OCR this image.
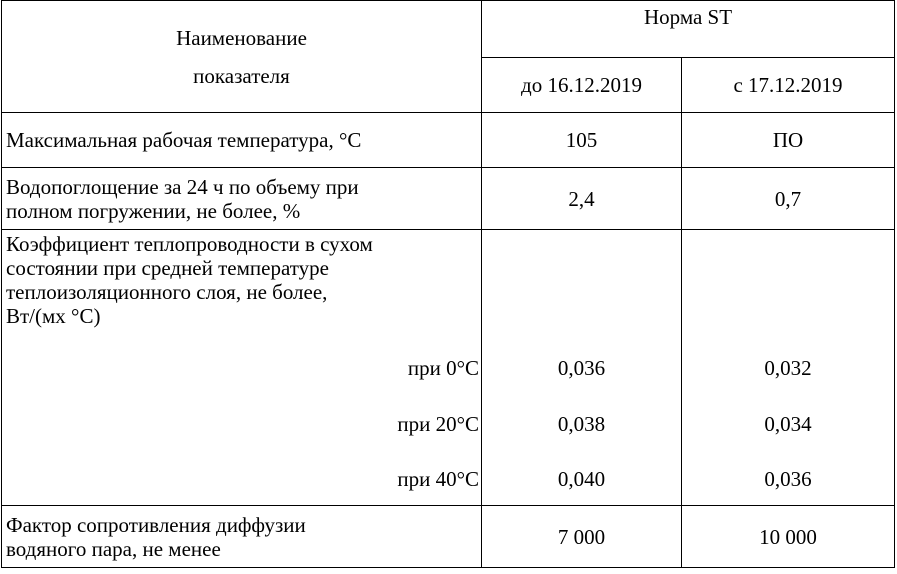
Наименование
показателя	Норма ST	
	до 16.12.2019	с 17.12.2019
Максимальная рабочая температура, °С	105	ПО

Водопоглощение за 24 ч по объему при
полном погружении, не более, %	2,4	0,7

Коэффициент теплопроводности в сухом
состоянии при средней температуре
теплоизоляционного слоя, не более,
Вт/(мх °С)		

при 0°С	0,036	0,032
при 20°С	0,038	0,034
при 40°С	0,040	0,036

Фактор сопротивления диффузии
водяного пара, не менее	7 000	10 000
